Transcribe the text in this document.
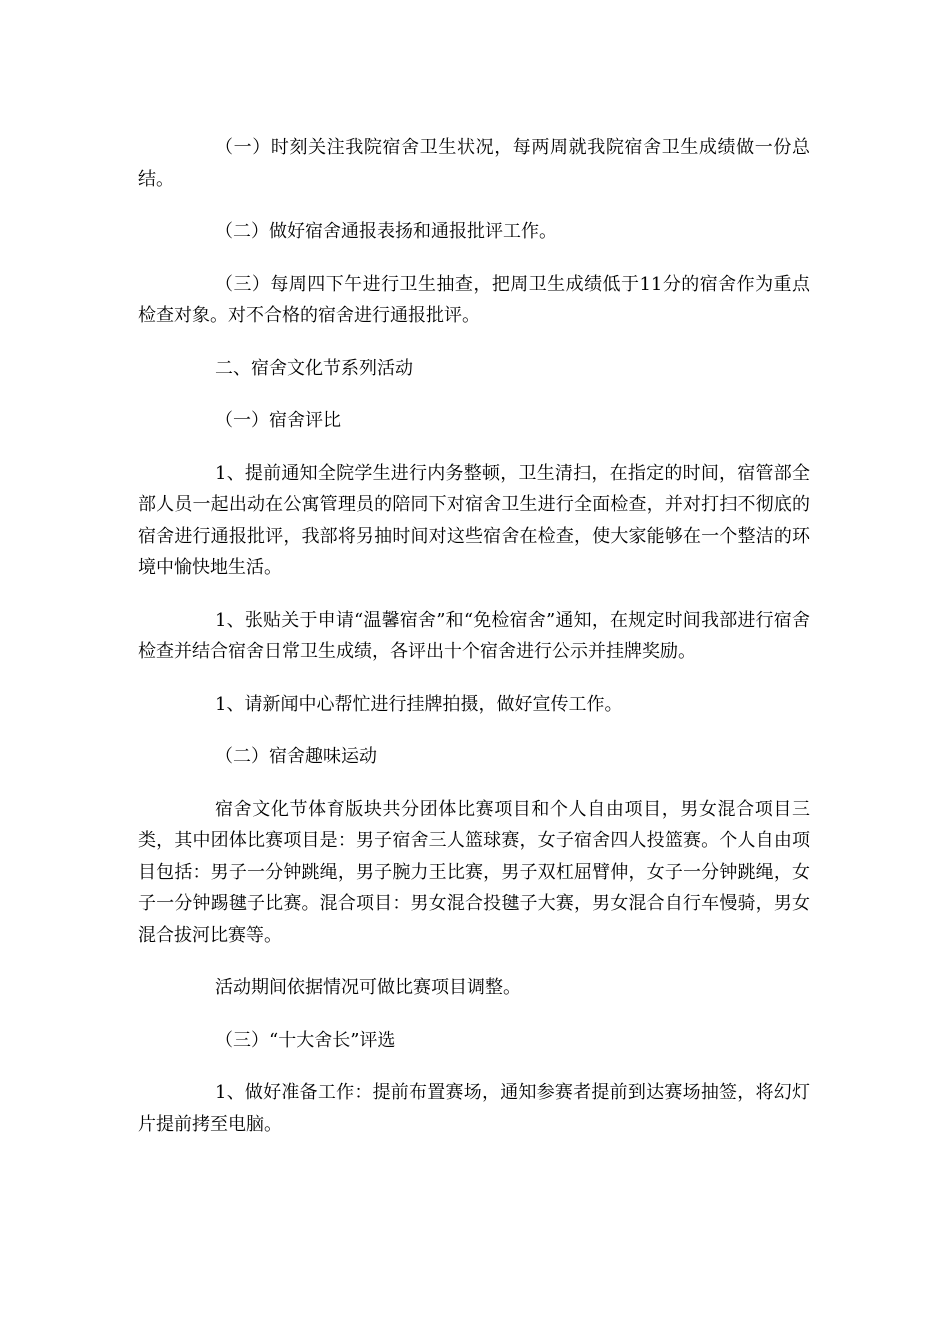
（一）时刻关注我院宿舍卫生状况，每两周就我院宿舍卫生成绩做一份总结。

（二）做好宿舍通报表扬和通报批评工作。

（三）每周四下午进行卫生抽查，把周卫生成绩低于11分的宿舍作为重点检查对象。对不合格的宿舍进行通报批评。

二、宿舍文化节系列活动

（一）宿舍评比

1、提前通知全院学生进行内务整顿，卫生清扫，在指定的时间，宿管部全部人员一起出动在公寓管理员的陪同下对宿舍卫生进行全面检查，并对打扫不彻底的宿舍进行通报批评，我部将另抽时间对这些宿舍在检查，使大家能够在一个整洁的环境中愉快地生活。

1、张贴关于申请“温馨宿舍”和“免检宿舍”通知，在规定时间我部进行宿舍检查并结合宿舍日常卫生成绩，各评出十个宿舍进行公示并挂牌奖励。

1、请新闻中心帮忙进行挂牌拍摄，做好宣传工作。

（二）宿舍趣味运动

宿舍文化节体育版块共分团体比赛项目和个人自由项目，男女混合项目三类，其中团体比赛项目是：男子宿舍三人篮球赛，女子宿舍四人投篮赛。个人自由项目包括：男子一分钟跳绳，男子腕力王比赛，男子双杠屈臂伸，女子一分钟跳绳，女子一分钟踢毽子比赛。混合项目：男女混合投毽子大赛，男女混合自行车慢骑，男女混合拔河比赛等。

活动期间依据情况可做比赛项目调整。

（三）“十大舍长”评选

1、做好准备工作：提前布置赛场，通知参赛者提前到达赛场抽签，将幻灯片提前拷至电脑。
